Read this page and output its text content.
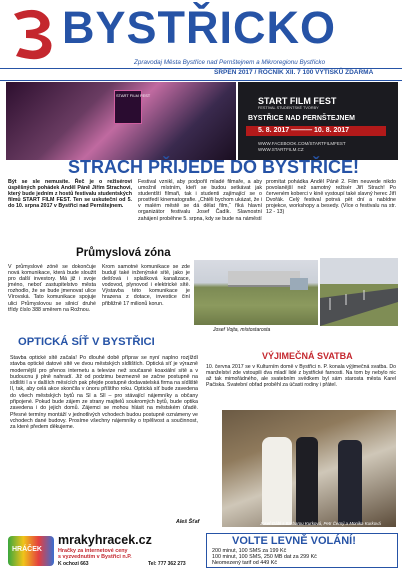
BYSTŘICKO
Zpravodaj Města Bystřice nad Pernštejnem a Mikroregionu Bystřicko
SRPEN 2017 / ROČNÍK XII. 7 100 VÝTISKŮ ZDARMA
START FILM FEST
START FILM FEST
FESTIVAL STUDENTSKÉ TVORBY
BYSTŘICE NAD PERNŠTEJNEM
5. 8. 2017 ——— 10. 8. 2017
WWW.FACEBOOK.COM/STARTFILMFEST
WWW.STARTFILM.CZ
STRACH PŘIJEDE DO BYSTŘICE!
Být se sle nemusíte. Řeč je o režisérovi úspěšných pohádek Anděl Páně Jiřím Strachovi, který bude jedním z hostů festivalu studentských filmů START FILM FEST. Ten se uskuteční od 5. do 10. srpna 2017 v Bystřici nad Pernštejnem.
Festival vznikl, aby podpořil mladé filmaře, a aby umožnil místním, kteří se budou setkávat jak studentští filmaři, tak i studenti zajímající se o prostředí kinematografie. „Chtěli bychom ukázat, že i v malém městě se dá dělat film,“ říká hlavní organizátor festivalu Josef Čadík. Slavnostní zahájení proběhne 5. srpna, kdy se bude na náměstí
promítat pohádka Anděl Páně 2. Film neuvede nikdo povolanější než samotný režisér Jiří Strach! Po červeném koberci v kině vystoupí také slavný herec Jiří Dvořák. Celý festival potrvá pět dní a nabídne projekce, workshopy a besedy. (Více o festivalu na str. 12 - 13)
Průmyslová zóna
V průmyslové zóně se dokončuje nová komunikace, která bude sloužit pro další investory. Má již i svoje jméno, neboť zastupitelstvo města rozhodlo, že se bude jmenovat ulice Vírovská. Tato komunikace spojuje ulici Průmyslovou se silnicí druhé třídy číslo 388 směrem na Rožnou.
Krom samotné komunikace se zde budují také inženýrské sítě, jako je dešťová i splašková kanalizace, vodovod, plynovod i elektrické sítě. Výstavba této komunikace je hrazena z dotace, investice činí přibližně 17 milionů korun.
Josef Vojta, místostarosta
OPTICKÁ SÍŤ V BYSTŘICI
Stavba optické sítě začala! Po dlouhé době příprav se nyní naplno rozjíždí stavba optické datové sítě ve dvou městských sídlištích. Optická síť je výrazně modernější pro přenos internetu a televize než současné koaxiální sítě a v budoucnu ji plně nahradí. Již od podzimu bezmezně se začne postupně na sídlišti I a v dalších měsících pak přejde postupně dodavatelská firma na sídliště II, tak, aby celá akce skončila v únoru příštího roku. Optická síť bude zavedena do všech městských bytů na Sl a Sll – pro stávající nájemníky a občany připojené. Pokud bude zájem ze strany majitelů soukromých bytů, bude optika zavedena i do jejich domů. Zájemci se mohou hlásit na městském úřadě. Přesné termíny montáží v jednotlivých vchodech budou postupně oznámeny ve vchodech dané budovy. Prosíme všechny nájemníky o trpělivost a součinnost, za které předem děkujeme.
Aleš Šťaf
VÝJIMEČNÁ SVATBA
10. června 2017 se v Kulturním domě v Bystřici n. P. konala výjimečná svatba. Do manželství zde vstoupili dva mladí lidé z bystřické farnosti. Na tom by nebylo nic až tak mimořádného, ale svatebním svědkem byl sám starosta města Karel Pačiska. Svatební obřad proběhl za účasti rodiny i přátel.
Josef Gábl s Barbarou Kurková, Petr Černý a Monika Kurková
HRÁČEK
mrakyhracek.cz
Hračky za internetové ceny
s vyzvednutím v Bystřici n.P.
K ochozi 663	Tel: 777 362 273
VOLTE LEVNĚ VOLÁNÍ!
200 minut, 100 SMS za 199 Kč
100 minut, 100 SMS, 250 MB dat za 299 Kč
Neomezený tarif od 449 Kč
